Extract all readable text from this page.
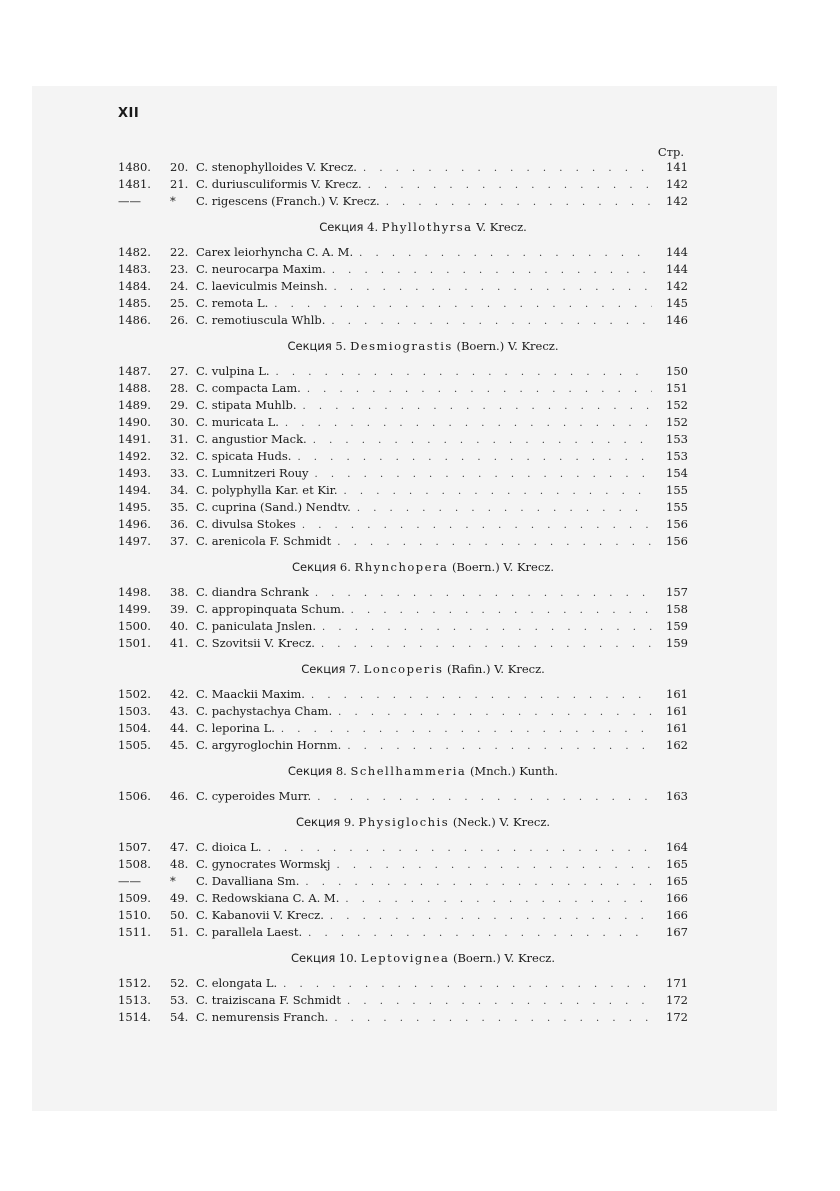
XII
Стр.
1480.	20. C. stenophylloides V. Krecz. . . .	141
1481.	21. C. duriusculiformis V. Krecz. . . .	142
——	*	C. rigescens (Franch.) V. Krecz. . . .	142
Секция 4. Phyllothyrsa V. Krecz.
1482.	22. Carex leiorhyncha C. A. M. . . .	144
1483.	23. C. neurocarpa Maxim. . . .	144
1484.	24. C. laeviculmis Meinsh. . . .	142
1485.	25. C. remota L. . . .	145
1486.	26. C. remotiuscula Whlb. . . .	146
Секция 5. Desmiograstis (Boern.) V. Krecz.
1487.	27. C. vulpina L. . . .	150
1488.	28. C. compacta Lam. . . .	151
1489.	29. C. stipata Muhlb. . . .	152
1490.	30. C. muricata L. . . .	152
1491.	31. C. angustior Mack. . . .	153
1492.	32. C. spicata Huds. . . .	153
1493.	33. C. Lumnitzeri Rouy . . .	154
1494.	34. C. polyphylla Kar. et Kir. . . .	155
1495.	35. C. cuprina (Sand.) Nendtv. . . .	155
1496.	36. C. divulsa Stokes . . .	156
1497.	37. C. arenicola F. Schmidt . . .	156
Секция 6. Rhynchopera (Boern.) V. Krecz.
1498.	38. C. diandra Schrank . . .	157
1499.	39. C. appropinquata Schum. . . .	158
1500.	40. C. paniculata Jnslen. . . .	159
1501.	41. C. Szovitsii V. Krecz. . . .	159
Секция 7. Loncoperis (Rafin.) V. Krecz.
1502.	42. C. Maackii Maxim. . . .	161
1503.	43. C. pachystachya Cham. . . .	161
1504.	44. C. leporina L. . . .	161
1505.	45. C. argyroglochin Hornm. . . .	162
Секция 8. Schellhammeria (Mnch.) Kunth.
1506.	46. C. cyperoides Murr. . . .	163
Секция 9. Physiglochis (Neck.) V. Krecz.
1507.	47. C. dioica L. . . .	164
1508.	48. C. gynocrates Wormskj . . .	165
——	*	C. Davalliana Sm. . . .	165
1509.	49. C. Redowskiana C. A. M. . . .	166
1510.	50. C. Kabanovii V. Krecz. . . .	166
1511.	51. C. parallela Laest. . . .	167
Секция 10. Leptovignea (Boern.) V. Krecz.
1512.	52. C. elongata L. . . .	171
1513.	53. C. traiziscana F. Schmidt . . .	172
1514.	54. C. nemurensis Franch. . . .	172
